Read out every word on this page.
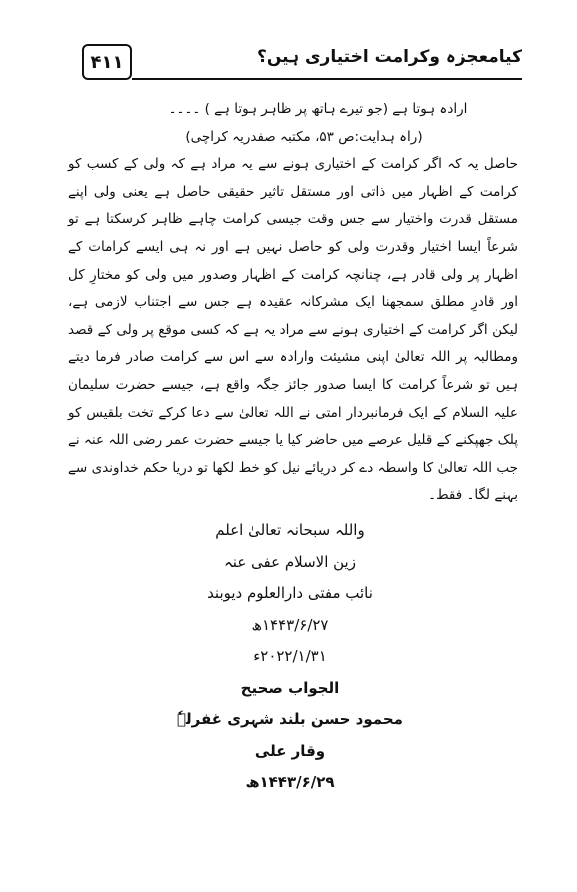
۴۱۱	کیامعجزہ وکرامت اختیاری ہیں؟

ارادہ ہوتا ہے (جو تیرے ہاتھ پر ظاہر ہوتا ہے ) ۔۔۔۔

(راہ ہدایت:ص ۵۳، مکتبہ صفدریہ کراچی)

حاصل یہ کہ اگر کرامت کے اختیاری ہونے سے یہ مراد ہے کہ ولی کے کسب کو کرامت کے اظہار میں ذاتی اور مستقل تاثیر حقیقی حاصل ہے یعنی ولی اپنے مستقل قدرت واختیار سے جس وقت جیسی کرامت چاہے ظاہر کرسکتا ہے تو شرعاً ایسا اختیار وقدرت ولی کو حاصل نہیں ہے اور نہ ہی ایسے کرامات کے اظہار پر ولی قادر ہے، چنانچہ کرامت کے اظہار وصدور میں ولی کو مختارِ کل اور قادرِ مطلق سمجھنا ایک مشرکانہ عقیدہ ہے جس سے اجتناب لازمی ہے، لیکن اگر کرامت کے اختیاری ہونے سے مراد یہ ہے کہ کسی موقع پر ولی کے قصد ومطالبہ پر اللہ تعالیٰ اپنی مشیئت وارادہ سے اس سے کرامت صادر فرما دیتے ہیں تو شرعاً کرامت کا ایسا صدور جائز جگہ واقع ہے، جیسے حضرت سلیمان علیہ السلام کے ایک فرمانبردار امتی نے اللہ تعالیٰ سے دعا کرکے تخت بلقیس کو پلک جھپکنے کے قلیل عرصے میں حاضر کیا یا جیسے حضرت عمر رضی اللہ عنہ نے جب اللہ تعالیٰ کا واسطہ دے کر دریائے نیل کو خط لکھا تو دریا حکم خداوندی سے بہنے لگا۔ فقط۔

واللہ سبحانہ تعالیٰ اعلم
زین الاسلام عفی عنہ
نائب مفتی دارالعلوم دیوبند
۱۴۴۳/۶/۲۷ھ
۲۰۲۲/۱/۳۱ء
الجواب صحیح
محمود حسن بلند شہری غفرلہٗ
وقار علی
۱۴۴۳/۶/۲۹ھ
